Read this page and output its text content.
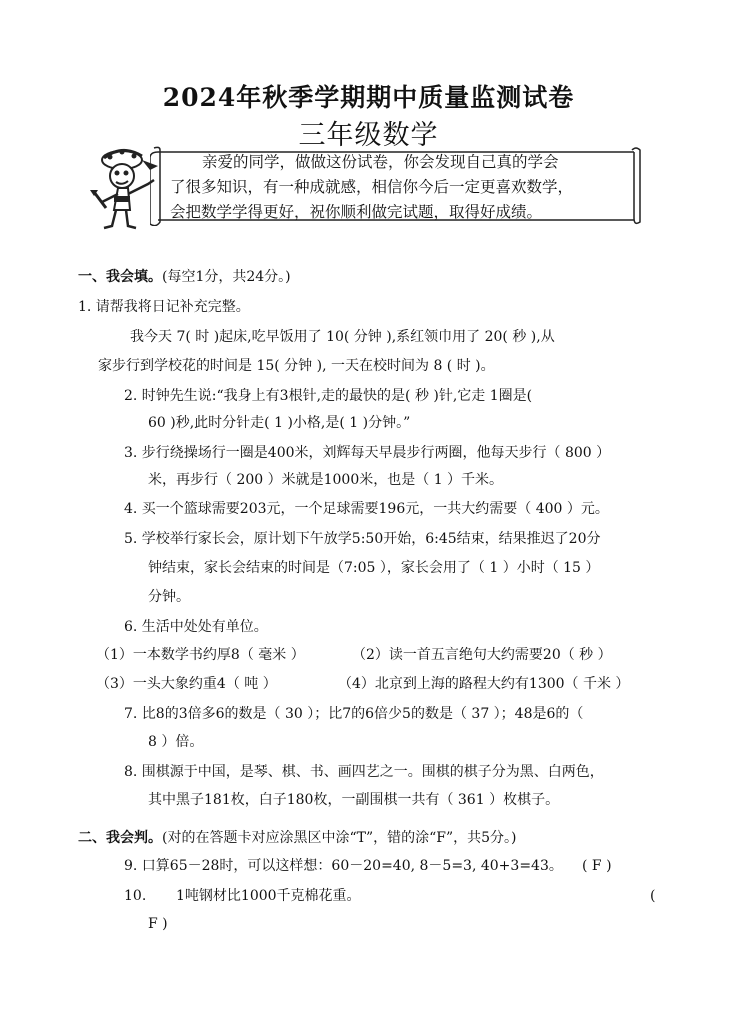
2024年秋季学期期中质量监测试卷
三年级数学
亲爱的同学，做做这份试卷，你会发现自己真的学会
了很多知识，有一种成就感，相信你今后一定更喜欢数学，
会把数学学得更好，祝你顺利做完试题，取得好成绩。
一、我会填。(每空1分，共24分。)
1. 请帮我将日记补充完整。
我今天 7( 时 )起床,吃早饭用了 10( 分钟 ),系红领巾用了 20( 秒 ),从
家步行到学校花的时间是 15( 分钟 ), 一天在校时间为 8 ( 时 )。
2. 时钟先生说:“我身上有3根针,走的最快的是( 秒 )针,它走 1圈是(
60 )秒,此时分针走( 1 )小格,是( 1 )分钟。”
3. 步行绕操场行一圈是400米，刘辉每天早晨步行两圈，他每天步行（ 800 ）
米，再步行（ 200 ）米就是1000米，也是（ 1 ）千米。
4. 买一个篮球需要203元，一个足球需要196元，一共大约需要（ 400 ）元。
5. 学校举行家长会，原计划下午放学5:50开始，6:45结束，结果推迟了20分
钟结束，家长会结束的时间是（7:05 ），家长会用了（ 1 ）小时（ 15 ）
分钟。
6. 生活中处处有单位。
（1）一本数学书约厚8（ 毫米 ）	（2）读一首五言绝句大约需要20（ 秒 ）
（3）一头大象约重4（ 吨 ）	（4）北京到上海的路程大约有1300（ 千米 ）
7. 比8的3倍多6的数是（ 30 ）；比7的6倍少5的数是（ 37 ）；48是6的（
8 ）倍。
8. 围棋源于中国，是琴、棋、书、画四艺之一。围棋的棋子分为黑、白两色，
其中黑子181枚，白子180枚，一副围棋一共有（ 361 ）枚棋子。
二、我会判。(对的在答题卡对应涂黑区中涂“T”，错的涂“F”，共5分。)
9. 口算65－28时，可以这样想：60－20=40, 8－5=3, 40+3=43。 ( F )
10. 1吨钢材比1000千克棉花重。	(
F )
